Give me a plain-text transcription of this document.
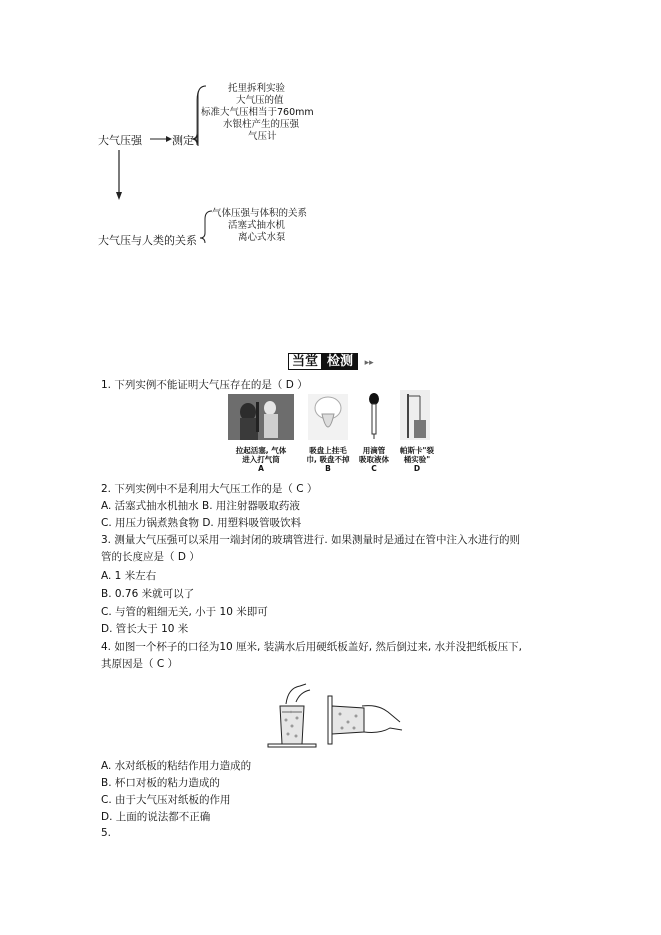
大气压强	测定
托里拆利实验
大气压的值
标准大气压相当于760mm
水银柱产生的压强
气压计
大气压与人类的关系
气体压强与体积的关系
活塞式抽水机
离心式水泵
当堂 检测 ▸▸
1. 下列实例不能证明大气压存在的是（ D ）
拉起活塞, 气体
进入打气筒
A
吸盘上挂毛
巾, 吸盘不掉
B
用滴管
吸取液体
C
帕斯卡"裂
桶实验"
D
2. 下列实例中不是利用大气压工作的是（ C ）
A. 活塞式抽水机抽水 B. 用注射器吸取药液
C. 用压力锅煮熟食物 D. 用塑料吸管吸饮料
3. 测量大气压强可以采用一端封闭的玻璃管进行. 如果测量时是通过在管中注入水进行的则
管的长度应是（ D ）
A. 1 米左右
B. 0.76 米就可以了
C. 与管的粗细无关, 小于 10 米即可
D. 管长大于 10 米
4. 如图一个杯子的口径为10 厘米, 装满水后用硬纸板盖好, 然后倒过来, 水并没把纸板压下,
其原因是（ C ）
A. 水对纸板的粘结作用力造成的
B. 杯口对板的粘力造成的
C. 由于大气压对纸板的作用
D. 上面的说法都不正确
5.
